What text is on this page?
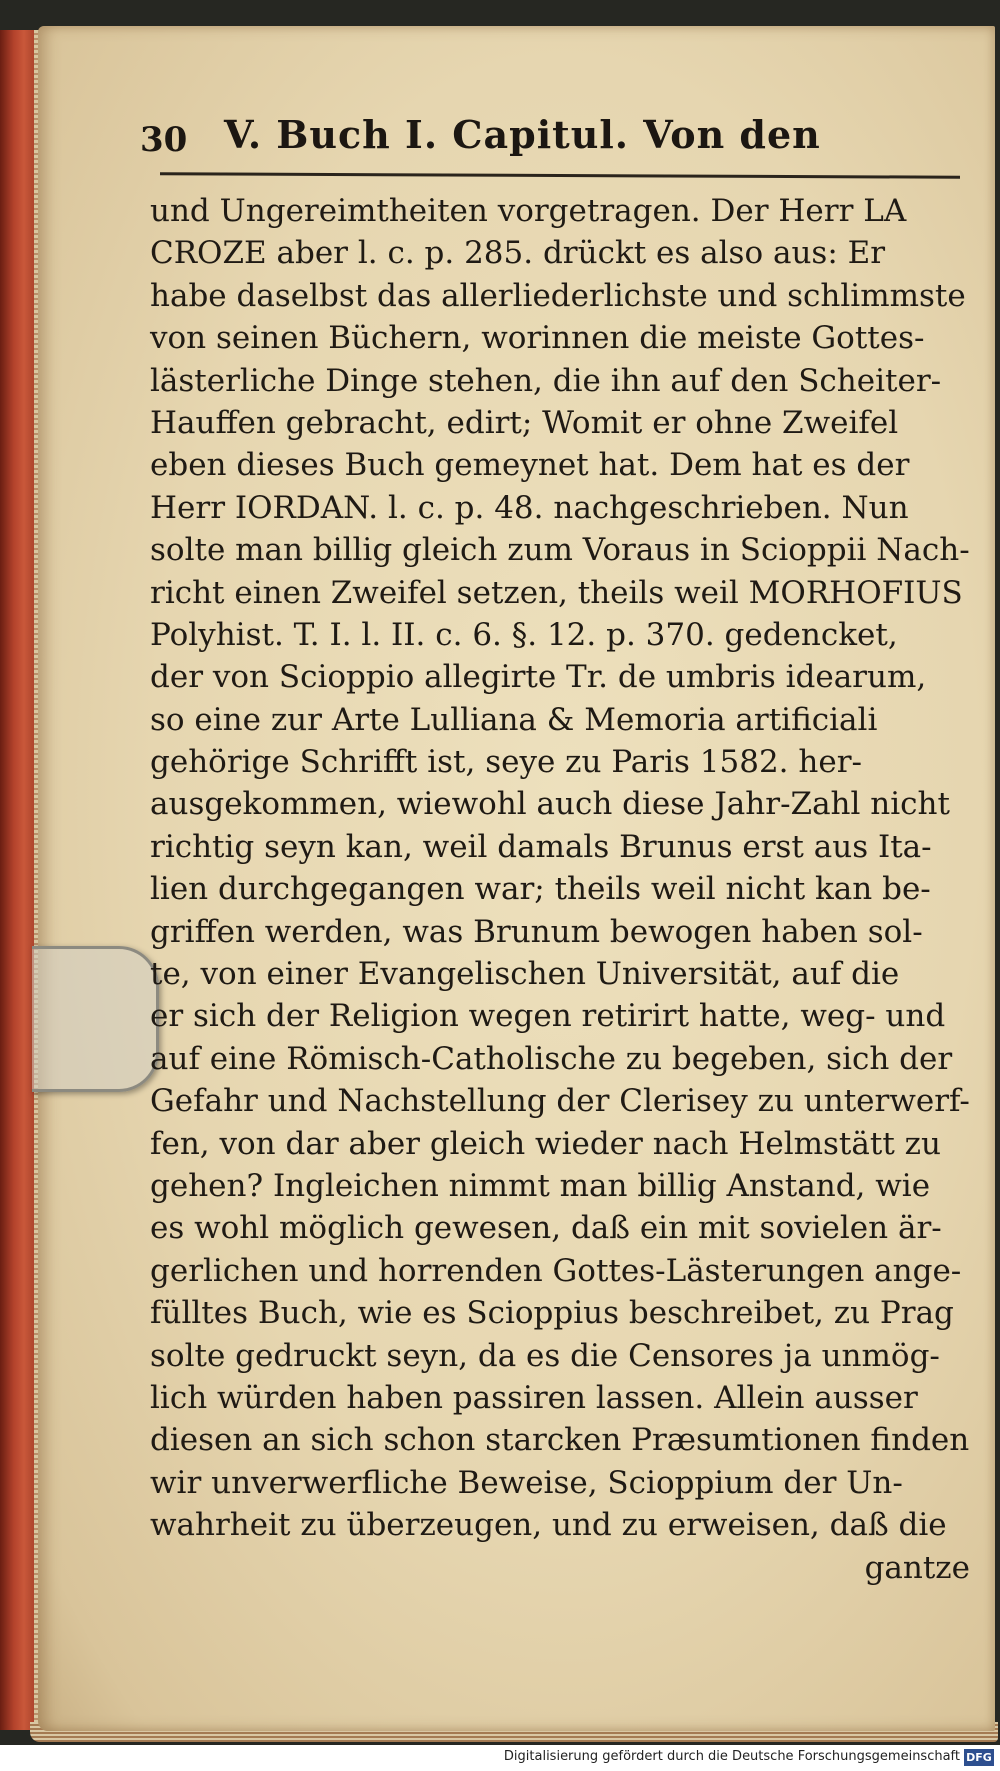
30 V. Buch I. Capitul. Von den
und Ungereimtheiten vorgetragen. Der Herr LA
CROZE aber l. c. p. 285. drückt es also aus: Er
habe daselbst das allerliederlichste und schlimmste
von seinen Büchern, worinnen die meiste Gottes-
lästerliche Dinge stehen, die ihn auf den Scheiter-
Hauffen gebracht, edirt; Womit er ohne Zweifel
eben dieses Buch gemeynet hat. Dem hat es der
Herr IORDAN. l. c. p. 48. nachgeschrieben. Nun
solte man billig gleich zum Voraus in Scioppii Nach-
richt einen Zweifel setzen, theils weil MORHOFIUS
Polyhist. T. I. l. II. c. 6. §. 12. p. 370. gedencket,
der von Scioppio allegirte Tr. de umbris idearum,
so eine zur Arte Lulliana & Memoria artificiali
gehörige Schrifft ist, seye zu Paris 1582. her-
ausgekommen, wiewohl auch diese Jahr-Zahl nicht
richtig seyn kan, weil damals Brunus erst aus Ita-
lien durchgegangen war; theils weil nicht kan be-
griffen werden, was Brunum bewogen haben sol-
te, von einer Evangelischen Universität, auf die
er sich der Religion wegen retirirt hatte, weg- und
auf eine Römisch-Catholische zu begeben, sich der
Gefahr und Nachstellung der Clerisey zu unterwerf-
fen, von dar aber gleich wieder nach Helmstätt zu
gehen? Ingleichen nimmt man billig Anstand, wie
es wohl möglich gewesen, daß ein mit sovielen är-
gerlichen und horrenden Gottes-Lästerungen ange-
fülltes Buch, wie es Scioppius beschreibet, zu Prag
solte gedruckt seyn, da es die Censores ja unmög-
lich würden haben passiren lassen. Allein ausser
diesen an sich schon starcken Præsumtionen finden
wir unverwerfliche Beweise, Scioppium der Un-
wahrheit zu überzeugen, und zu erweisen, daß die
gantze
Digitalisierung gefördert durch die Deutsche Forschungsgemeinschaft DFG
